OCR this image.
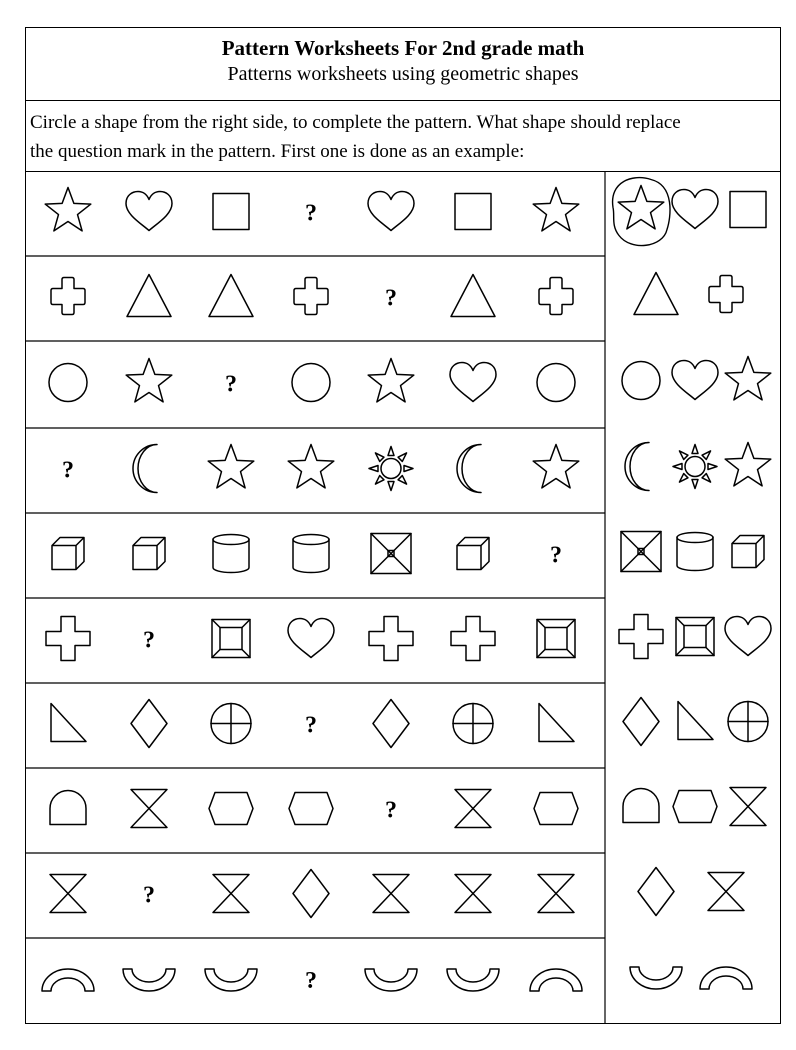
Pattern Worksheets For 2nd grade math
Patterns worksheets using geometric shapes
Circle a shape from the right side, to complete the pattern. What shape should replace
the question mark in the pattern. First one is done as an example:
?
?
?
?
?
?
?
?
?
?
